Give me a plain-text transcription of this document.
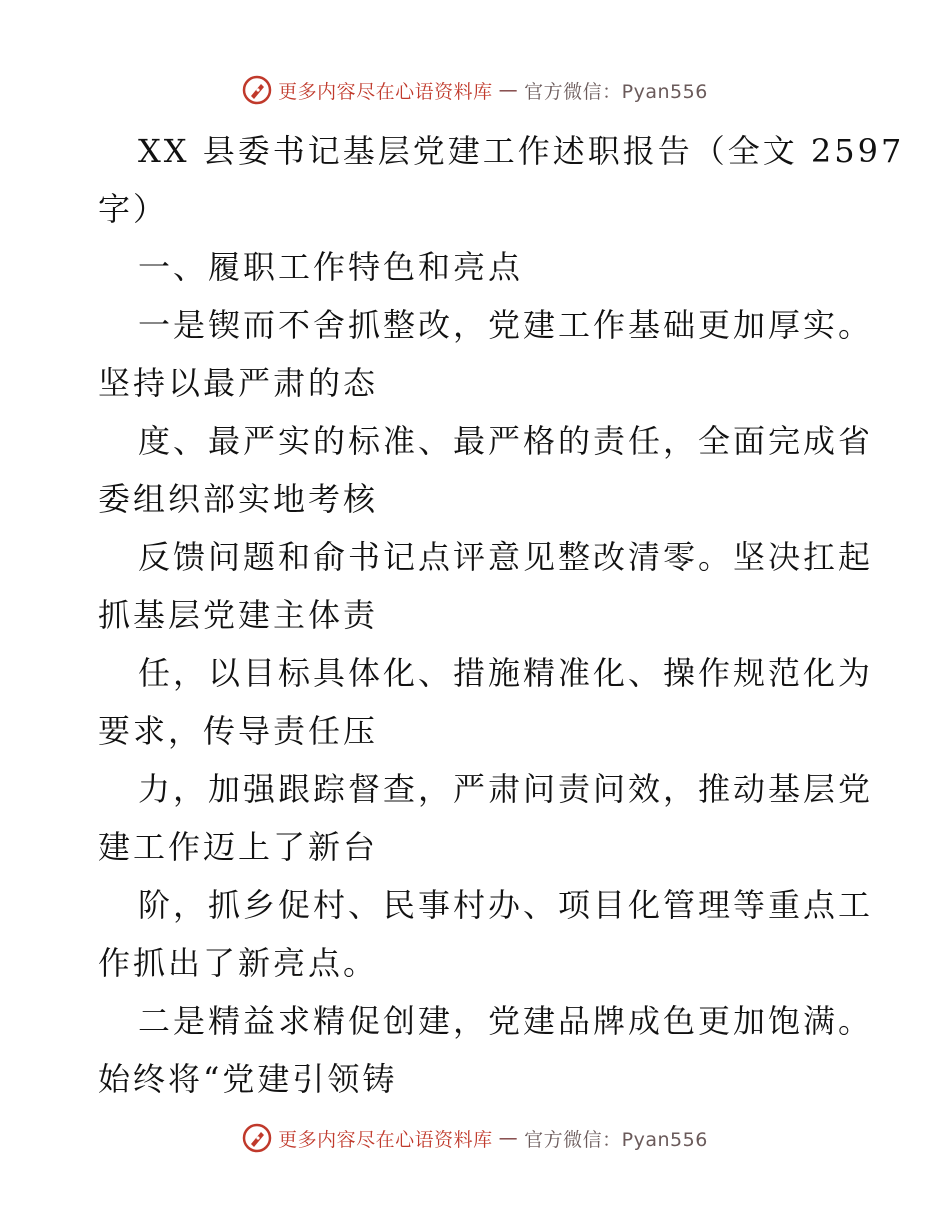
更多内容尽在心语资料库 — 官方微信：Pyan556
XX 县委书记基层党建工作述职报告（全文 2597
字）
一、履职工作特色和亮点
一是锲而不舍抓整改，党建工作基础更加厚实。
坚持以最严肃的态
度、最严实的标准、最严格的责任，全面完成省
委组织部实地考核
反馈问题和俞书记点评意见整改清零。坚决扛起
抓基层党建主体责
任，以目标具体化、措施精准化、操作规范化为
要求，传导责任压
力，加强跟踪督查，严肃问责问效，推动基层党
建工作迈上了新台
阶，抓乡促村、民事村办、项目化管理等重点工
作抓出了新亮点。
二是精益求精促创建，党建品牌成色更加饱满。
始终将“党建引领铸
更多内容尽在心语资料库 — 官方微信：Pyan556
